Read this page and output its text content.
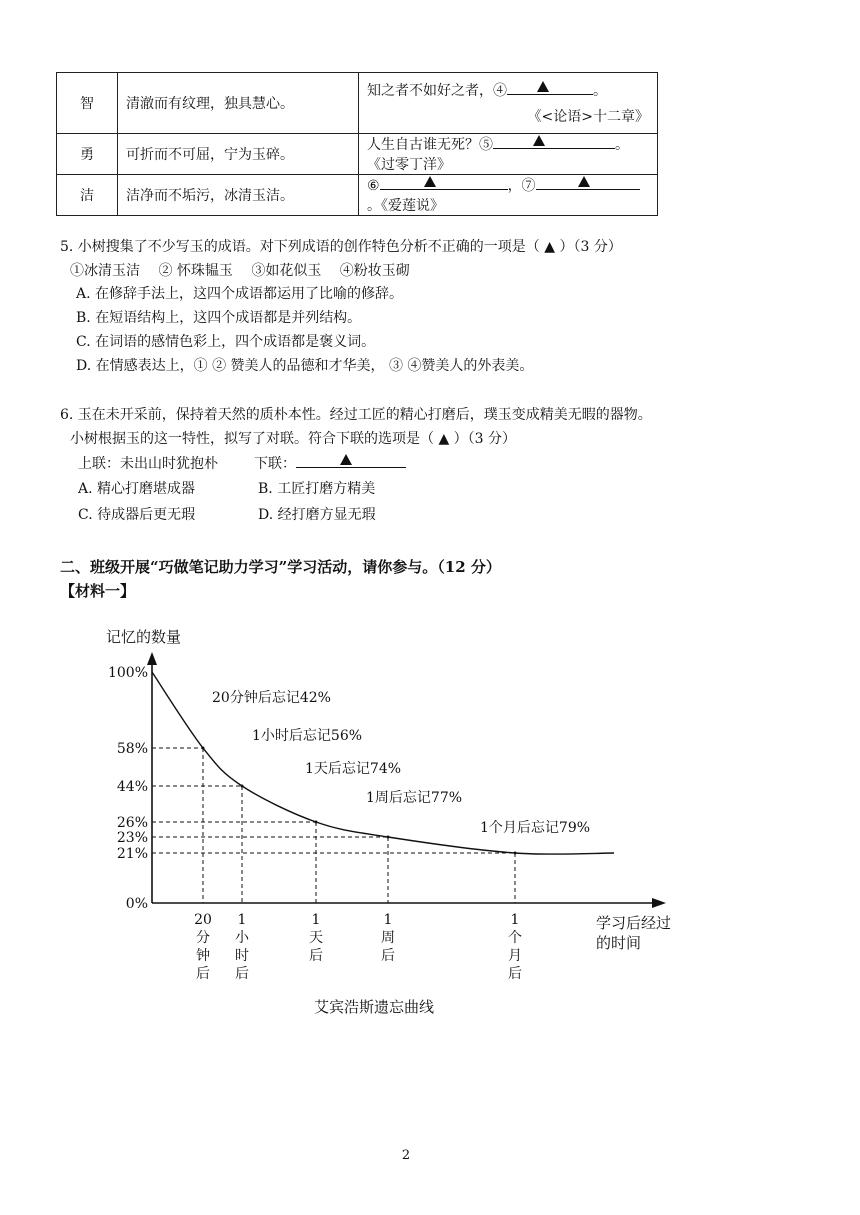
智	清澈而有纹理，独具慧心。	知之者不如好之者，④ 。
《<论语>十二章》

勇	可折而不可屈，宁为玉碎。	人生自古谁无死？⑤ 。《过零丁洋》
洁	洁净而不垢污，冰清玉洁。	⑥ ，⑦
。《爱莲说》
5. 小树搜集了不少写玉的成语。对下列成语的创作特色分析不正确的一项是（ ▲ ）（3 分）
①冰清玉洁　 ② 怀珠韫玉　 ③如花似玉　 ④粉妆玉砌
A. 在修辞手法上，这四个成语都运用了比喻的修辞。
B. 在短语结构上，这四个成语都是并列结构。
C. 在词语的感情色彩上，四个成语都是褒义词。
D. 在情感表达上，① ② 赞美人的品德和才华美， ③ ④赞美人的外表美。
6. 玉在未开采前，保持着天然的质朴本性。经过工匠的精心打磨后，璞玉变成精美无暇的器物。
小树根据玉的这一特性，拟写了对联。符合下联的选项是（ ▲ ）（3 分）
上联：未出山时犹抱朴	下联：
A. 精心打磨堪成器	B. 工匠打磨方精美
C. 待成器后更无瑕	D. 经打磨方显无瑕
二、班级开展“巧做笔记助力学习”学习活动，请你参与。（12 分）
【材料一】
记忆的数量
100%
58%
44%
26%
23%
21%
0%
学习后经过
的时间
20
分
钟
后
1
小
时
后
1
天
后
1
周
后
1
个
月
后
20分钟后忘记42%
1小时后忘记56%
1天后忘记74%
1周后忘记77%
1个月后忘记79%
艾宾浩斯遗忘曲线
2
